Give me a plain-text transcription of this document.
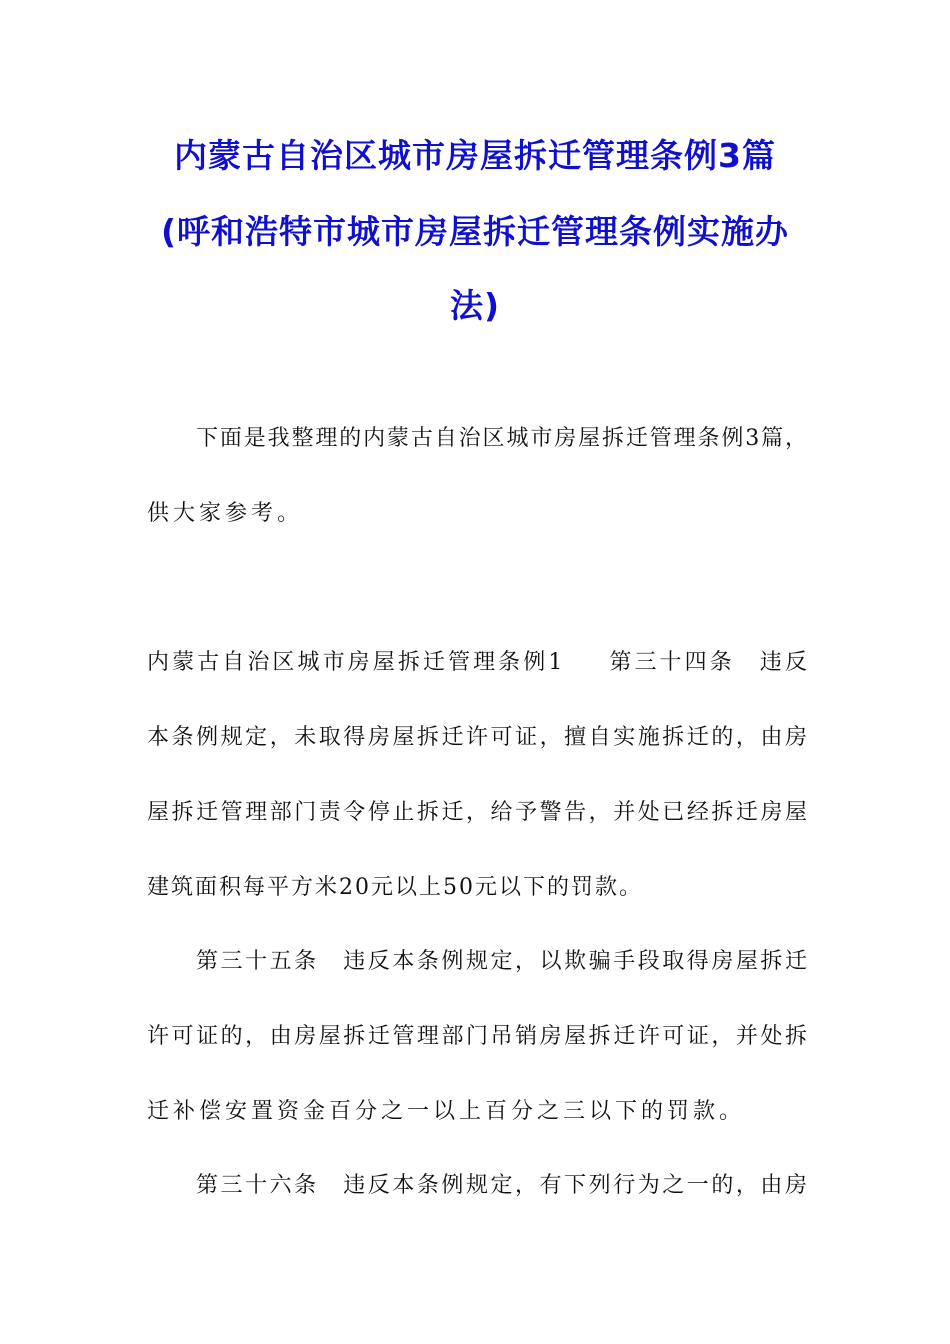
内蒙古自治区城市房屋拆迁管理条例3篇
(呼和浩特市城市房屋拆迁管理条例实施办
法)

下面是我整理的内蒙古自治区城市房屋拆迁管理条例3篇，

供大家参考。

内蒙古自治区城市房屋拆迁管理条例1 第三十四条 违反

本条例规定，未取得房屋拆迁许可证，擅自实施拆迁的，由房

屋拆迁管理部门责令停止拆迁，给予警告，并处已经拆迁房屋

建筑面积每平方米20元以上50元以下的罚款。

第三十五条 违反本条例规定，以欺骗手段取得房屋拆迁

许可证的，由房屋拆迁管理部门吊销房屋拆迁许可证，并处拆

迁补偿安置资金百分之一以上百分之三以下的罚款。

第三十六条 违反本条例规定，有下列行为之一的，由房
